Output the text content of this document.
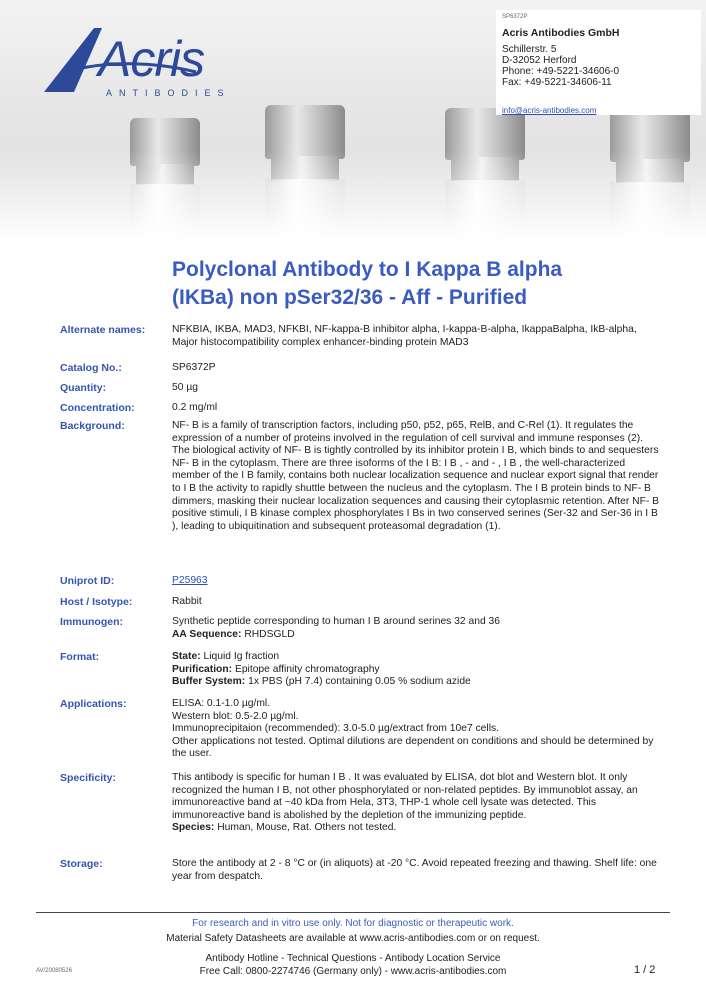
Acris
ANTIBODIES
SP6372P
Acris Antibodies GmbH
Schillerstr. 5
D-32052 Herford
Phone: +49-5221-34606-0
Fax: +49-5221-34606-11
info@acris-antibodies.com
Polyclonal Antibody to I Kappa B alpha
(IKBa) non pSer32/36 - Aff - Purified
Alternate names:	NFKBIA, IKBA, MAD3, NFKBI, NF-kappa-B inhibitor alpha, I-kappa-B-alpha, IkappaBalpha, IkB-alpha, Major histocompatibility complex enhancer-binding protein MAD3
Catalog No.:	SP6372P
Quantity:	50 µg
Concentration:	0.2 mg/ml
Background:	NF- B is a family of transcription factors, including p50, p52, p65, RelB, and C-Rel (1). It regulates the expression of a number of proteins involved in the regulation of cell survival and immune responses (2). The biological activity of NF- B is tightly controlled by its inhibitor protein I B, which binds to and sequesters NF- B in the cytoplasm. There are three isoforms of the I B: I B , - and - , I B , the well-characterized member of the I B family, contains both nuclear localization sequence and nuclear export signal that render to I B the activity to rapidly shuttle between the nucleus and the cytoplasm. The I B protein binds to NF- B dimmers, masking their nuclear localization sequences and causing their cytoplasmic retention. After NF- B positive stimuli, I B kinase complex phosphorylates I Bs in two conserved serines (Ser-32 and Ser-36 in I B ), leading to ubiquitination and subsequent proteasomal degradation (1).
Uniprot ID:	P25963
Host / Isotype:	Rabbit
Immunogen:	Synthetic peptide corresponding to human I B around serines 32 and 36
AA Sequence: RHDSGLD
Format:	State: Liquid Ig fraction
Purification: Epitope affinity chromatography
Buffer System: 1x PBS (pH 7.4) containing 0.05 % sodium azide
Applications:	ELISA: 0.1-1.0 µg/ml.
Western blot: 0.5-2.0 µg/ml.
Immunoprecipitaion (recommended): 3.0-5.0 µg/extract from 10e7 cells.
Other applications not tested. Optimal dilutions are dependent on conditions and should be determined by the user.
Specificity:	This antibody is specific for human I B . It was evaluated by ELISA, dot blot and Western blot. It only recognized the human I B, not other phosphorylated or non-related peptides. By immunoblot assay, an immunoreactive band at ~40 kDa from Hela, 3T3, THP-1 whole cell lysate was detected. This immunoreactive band is abolished by the depletion of the immunizing peptide.
Species: Human, Mouse, Rat. Others not tested.
Storage:	Store the antibody at 2 - 8 °C or (in aliquots) at -20 °C. Avoid repeated freezing and thawing. Shelf life: one year from despatch.
For research and in vitro use only. Not for diagnostic or therapeutic work.
Material Safety Datasheets are available at www.acris-antibodies.com or on request.
Antibody Hotline - Technical Questions - Antibody Location Service
Free Call: 0800-2274746 (Germany only) - www.acris-antibodies.com
AV/20080526	1 / 2
